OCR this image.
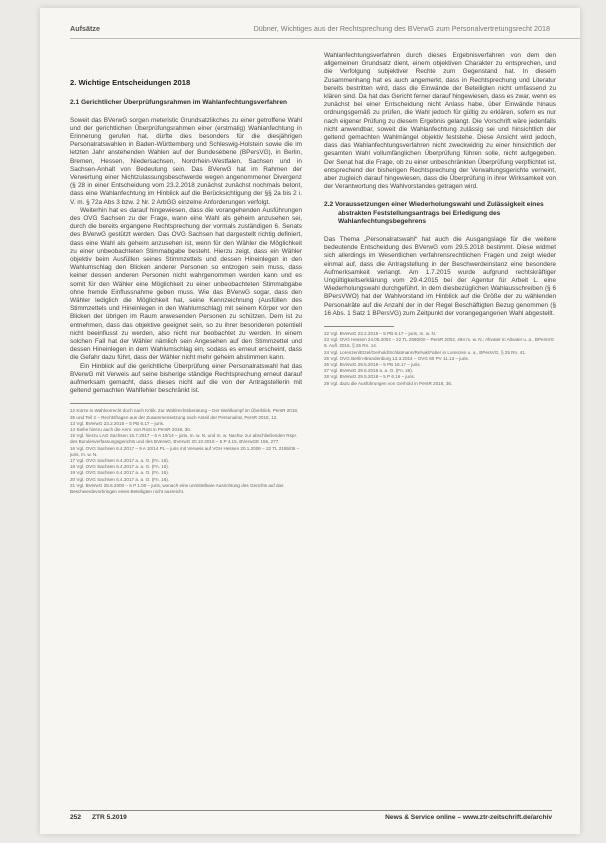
Aufsätze	Dübner, Wichtiges aus der Rechtsprechung des BVerwG zum Personalvertretungsrecht 2018
2. Wichtige Entscheidungen 2018
2.1 Gerichtlicher Überprüfungsrahmen im Wahlanfechtungsverfahren

Soweit das BVerwG sorgen meteristic Grundsatzlikches zu einer getroffene Wahl und der gerichtlichen Überprüfungsrahmen einer (erstmalig) Wahlanfechtung in Erinnerung gerufen hat, dürfte dies besonders für die diesjährigen Personalratswahlen in Baden-Württemberg und Schleswig-Holstein sowie die im letzten Jahr anstehenden Wahlen auf der Bundesebene (BPersVG), in Berlin, Bremen, Hessen, Niedersachsen, Nordrhein-Westfalen, Sachsen und in Sachsen-Anhalt von Bedeutung sein. Das BVerwG hat im Rahmen der Verwertung einer Nichtzulassungsbeschwerde wegen angenommener Divergenz (§ 28 in einer Entscheidung vom 23.2.2018 zunächst zunächst nochmals betont, dass eine Wahlanfechtung im Hinblick auf die Berücksichtigung der §§ 2a bis 2 i. V. m. § 72a Abs 3 bzw. 2 Nr. 2 ArbGG einzelne Anforderungen verfolgt.

Weiterhin hat es darauf hingewiesen, dass die vorangehenden Ausführungen des OVG Sachsen zu der Frage, wann eine Wahl als geheim anzusehen sei, durch die bereits ergangene Rechtsprechung der vormals zuständigen 6. Senats des BVerwG gestützt werden. Das OVG Sachsen hat dargestellt richtig definiert, dass eine Wahl als geheim anzusehen ist, wenn für den Wähler die Möglichkeit zu einer unbeobachteten Stimmabgabe besteht. Hierzu zeigt, dass ein Wähler objektiv beim Ausfüllen seines Stimmzettels und dessen Hineinlegen in den Wahlumschlag den Blicken anderer Personen so entzogen sein muss, dass keiner dessen anderen Personen nicht wahrgenommen werden kann und es somit für den Wähler eine Möglichkeit zu einer unbeobachteten Stimmabgabe ohne fremde Einflussnahme geben muss. Wie das BVerwG sogar, dass den Wähler lediglich die Möglichkeit hat, seine Kennzeichnung (Ausfüllen des Stimmzettels und Hineinlegen in den Wahlumschlag) mit seinem Körper vor den Blicken der übrigen im Raum anwesenden Personen zu schützen. Dem ist zu entnehmen, dass das objektive geeignet sein, so zu ihrer besonderen potentiell nicht beeinflusst zu werden, also nicht nur beobachtet zu werden. In einem solchen Fall hat der Wähler nämlich sein Angesehen auf den Stimmzettel und dessen Hineinlegen in dem Wahlumschlag ein, sodass es erneut erscheint, dass die Gefahr dazu führt, dass der Wähler nicht mehr geheim abstimmen kann.

Ein Hinblick auf die gerichtliche Überprüfung einer Personalratswahl hat das BVerwG mit Verweis auf seine bisherige ständige Rechtsprechung erneut darauf aufmerksam gemacht, dass dieses nicht auf die von der Antragstellerin mit geltend gemachten Wahlfehler beschränkt ist.

12 Kürze in Wahlvorrecht doch nach Kritik: Zur Wahlrechtsberatung – Der Wahlkampf im Überblick, PersR 2018, 25 und Teil 2 – Rechtsfragen aus der Zusammensetzung nach Anteil der Personalrat, PersR 2018, 12.

13 Vgl. BVerwG 23.2.2018 – 5 PB 6.17 – juris.

14 Siehe hierzu auch die Anm. von Rost in PersR 2018, 30.

15 Vgl. hierzu LAG Sachsen 15.7.2017 – 6 A 10/14 – juris, m. w. N. und m. w. Nachw. zur abschließenden Rspr. des Bundesverfassungsgerichts und des BVerwG, BVerwG 20.10.2016 – 5 P 4.15, BVerwGE 156, 277.

16 Vgl. OVG Sachsen 6.4.2017 – 9 A 10/14 PL – juris mit Verweis auf VGH Hessen 20.1.2006 – 22 TL 2155/05 – juris, m. w. N.

17 Vgl. OVG Sachsen 6.4.2017 a. a. O. (Fn. 16).

18 Vgl. OVG Sachsen 6.4.2017 a. a. O. (Fn. 16).

19 Vgl. OVG Sachsen 6.4.2017 a. a. O. (Fn. 16).

20 Vgl. OVG Sachsen 6.4.2017 a. a. O. (Fn. 16).

21 Vgl. BVerwG 28.6.2000 – 6 P 1.00 – juris, wonach eine unmittelbare Ausrichtung des Gerichts auf das Beschwerdevorbringen eines Beteiligten nicht ausreicht.

Wahlanfechtungsverfahren durch dieses Ergebnisverfahren von dem den allgemeinen Grundsatz dient, einem objektiven Charakter zu entsprechen, und die Verfolgung subjektiver Rechte zum Gegenstand hat. In diesem Zusammenhang hat es auch angemerkt, dass in Rechtsprechung und Literatur bereits bestritten wird, dass die Einwände der Beteiligten nicht umfassend zu klären sind. Da hat das Gericht ferner darauf hingewiesen, dass es zwar, wenn es zunächst bei einer Entscheidung nicht Anlass habe, über Einwände hinaus ordnungsgemäß zu prüfen, die Wahl jedoch für gültig zu erklären, sofern es nur nach eigener Prüfung zu diesem Ergebnis gelangt. Die Vorschrift wäre jedenfalls nicht anwendbar, soweit die Wahlanfechtung zulässig sei und hinsichtlich der geltend gemachten Wahlmängel objektiv feststehe. Diese Ansicht wird jedoch, dass das Wahlanfechtungsverfahren nicht zweckwidrig zu einer hinsichtlich der gesamten Wahl vollumfänglichen Überprüfung führen solle, nicht aufgegeben. Der Senat hat die Frage, ob zu einer unbeschränkten Überprüfung verpflichtet ist, entsprechend der bisherigen Rechtsprechung der Verwaltungsgerichte verneint, aber zugleich darauf hingewiesen, dass die Überprüfung in ihrer Wirksamkeit von der Verantwortung des Wahlvorstandes getragen wird.

2.2 Voraussetzungen einer Wiederholungswahl und Zulässigkeit eines abstrakten Feststellungsantrags bei Erledigung des Wahlanfechtungsbegehrens

Das Thema „Personalratswahl“ hat auch die Ausgangslage für die weitere bedeutende Entscheidung des BVerwG vom 29.5.2018 bestimmt. Diese widmet sich allerdings im Wesentlichen verfahrensrechtlichen Fragen und zeigt wieder einmal auf, dass die Antragstellung in der Beschwerdeinstanz eine besondere Aufmerksamkeit verlangt. Am 1.7.2015 wurde aufgrund rechtskräftiger Ungültigkeitserklärung vom 29.4.2015 bei der Agentur für Arbeit L. eine Wiederholungswahl durchgeführt. In dem diesbezüglichen Wahlausschreiben (§ 6 BPersVWO) hat der Wahlvorstand im Hinblick auf die Größe der zu wählenden Personalräte auf die Anzahl der in der Regel Beschäftigten Bezug genommen (§ 16 Abs. 1 Satz 1 BPersVG) zum Zeitpunkt der vorangegangenen Wahl abgestellt.

22 Vgl. BVerwG 23.2.2018 – 5 PB 6.17 – juris, m. w. N.

23 Vgl. OVG Hessen 24.05.2002 – 22 TL 2590/00 – PersR 2002, 494 m. w. N.; Altvater in Altvater u. a., BPersVG 9. Aufl. 2016, § 25 Rn. 14.

24 Vgl. Lorenzen/Etzel/Gerhold/Schlatmann/Rehak/Faber in Lorenzen u. a., BPersVG, § 25 Rn. 41.

25 Vgl. OVG Berlin-Brandenburg 13.3.2014 – OVG 60 PV 11.13 – juris.

26 Vgl. BVerwG 29.5.2018 – 5 PB 18.17 – juris.

27 Vgl. BVerwG 29.5.2018 a. a. O. (Fn. 26).

28 Vgl. BVerwG 29.5.2018 – 5 P 6.16 – juris.

29 Vgl. dazu die Ausführungen von Gerhold in PersR 2018, 36.

252 ZTR 5.2019	News & Service online – www.ztr-zeitschrift.de/archiv
